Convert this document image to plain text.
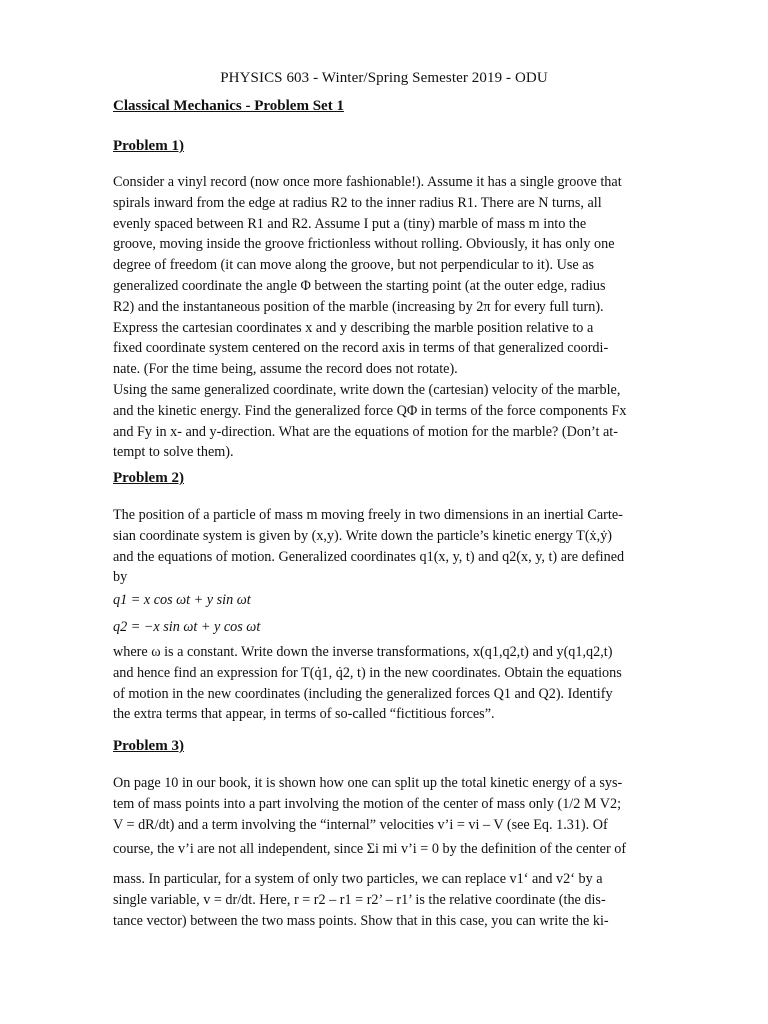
PHYSICS 603 - Winter/Spring Semester 2019 - ODU
Classical Mechanics - Problem Set 1
Problem 1)
Consider a vinyl record (now once more fashionable!). Assume it has a single groove that
spirals inward from the edge at radius R2 to the inner radius R1. There are N turns, all
evenly spaced between R1 and R2. Assume I put a (tiny) marble of mass m into the
groove, moving inside the groove frictionless without rolling. Obviously, it has only one
degree of freedom (it can move along the groove, but not perpendicular to it). Use as
generalized coordinate the angle Φ between the starting point (at the outer edge, radius
R2) and the instantaneous position of the marble (increasing by 2π for every full turn).
Express the cartesian coordinates x and y describing the marble position relative to a
fixed coordinate system centered on the record axis in terms of that generalized coordi-
nate. (For the time being, assume the record does not rotate).
Using the same generalized coordinate, write down the (cartesian) velocity of the marble,
and the kinetic energy. Find the generalized force QΦ in terms of the force components Fx
and Fy in x- and y-direction. What are the equations of motion for the marble? (Don’t at-
tempt to solve them).
Problem 2)
The position of a particle of mass m moving freely in two dimensions in an inertial Carte-
sian coordinate system is given by (x,y). Write down the particle’s kinetic energy T(ẋ,ẏ)
and the equations of motion. Generalized coordinates q1(x, y, t) and q2(x, y, t) are defined
by
q1 = x cos ωt + y sin ωt
q2 = −x sin ωt + y cos ωt
where ω is a constant. Write down the inverse transformations, x(q1,q2,t) and y(q1,q2,t)
and hence find an expression for T(q̇1, q̇2, t) in the new coordinates. Obtain the equations
of motion in the new coordinates (including the generalized forces Q1 and Q2). Identify
the extra terms that appear, in terms of so-called “fictitious forces”.
Problem 3)
On page 10 in our book, it is shown how one can split up the total kinetic energy of a sys-
tem of mass points into a part involving the motion of the center of mass only (1/2 M V2;
V = dR/dt) and a term involving the “internal” velocities v’i = vi – V (see Eq. 1.31). Of
course, the v’i are not all independent, since Σi mi v’i = 0 by the definition of the center of
mass. In particular, for a system of only two particles, we can replace v1‘ and v2‘ by a
single variable, v = dr/dt. Here, r = r2 – r1 = r2’ – r1’ is the relative coordinate (the dis-
tance vector) between the two mass points. Show that in this case, you can write the ki-
